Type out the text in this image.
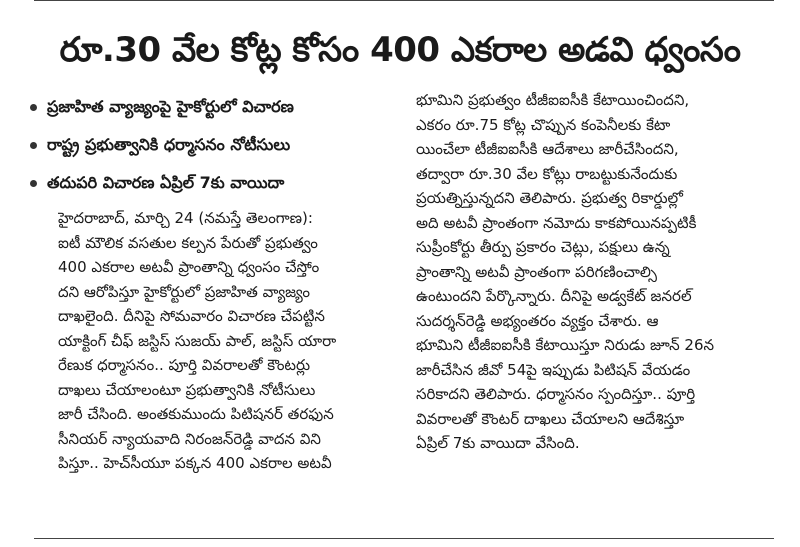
రూ.30 వేల కోట్ల కోసం 400 ఎకరాల అడవి ధ్వంసం
ప్రజాహిత వ్యాజ్యంపై హైకోర్టులో విచారణ
రాష్ట్ర ప్రభుత్వానికి ధర్మాసనం నోటీసులు
తదుపరి విచారణ ఏప్రిల్ 7కు వాయిదా
హైదరాబాద్, మార్చి 24 (నమస్తే తెలంగాణ):
ఐటీ మౌలిక వసతుల కల్పన పేరుతో ప్రభుత్వం
400 ఎకరాల అటవీ ప్రాంతాన్ని ధ్వంసం చేస్తోం
దని ఆరోపిస్తూ హైకోర్టులో ప్రజాహిత వ్యాజ్యం
దాఖలైంది. దీనిపై సోమవారం విచారణ చేపట్టిన
యాక్టింగ్ చీఫ్ జస్టిస్ సుజయ్ పాల్, జస్టిస్ యారా
రేణుక ధర్మాసనం.. పూర్తి వివరాలతో కౌంటర్లు
దాఖలు చేయాలంటూ ప్రభుత్వానికి నోటీసులు
జారీ చేసింది. అంతకుముందు పిటిషనర్ తరఫున
సీనియర్ న్యాయవాది నిరంజన్‌రెడ్డి వాదన విని
పిస్తూ.. హెచ్‌సీయూ పక్కన 400 ఎకరాల అటవీ
భూమిని ప్రభుత్వం టీజీఐఐసీకి కేటాయించిందని,
ఎకరం రూ.75 కోట్ల చొప్పున కంపెనీలకు కేటా
యించేలా టీజీఐఐసీకి ఆదేశాలు జారీచేసిందని,
తద్వారా రూ.30 వేల కోట్లు రాబట్టుకునేందుకు
ప్రయత్నిస్తున్నదని తెలిపారు. ప్రభుత్వ రికార్డుల్లో
అది అటవీ ప్రాంతంగా నమోదు కాకపోయినప్పటికీ
సుప్రీంకోర్టు తీర్పు ప్రకారం చెట్లు, పక్షులు ఉన్న
ప్రాంతాన్ని అటవీ ప్రాంతంగా పరిగణించాల్సి
ఉంటుందని పేర్కొన్నారు. దీనిపై అడ్వకేట్ జనరల్
సుదర్శన్‌రెడ్డి అభ్యంతరం వ్యక్తం చేశారు. ఆ
భూమిని టీజీఐఐసీకి కేటాయిస్తూ నిరుడు జూన్ 26న
జారీచేసిన జీవో 54పై ఇప్పుడు పిటిషన్ వేయడం
సరికాదని తెలిపారు. ధర్మాసనం స్పందిస్తూ.. పూర్తి
వివరాలతో కౌంటర్ దాఖలు చేయాలని ఆదేశిస్తూ
ఏప్రిల్ 7కు వాయిదా వేసింది.
